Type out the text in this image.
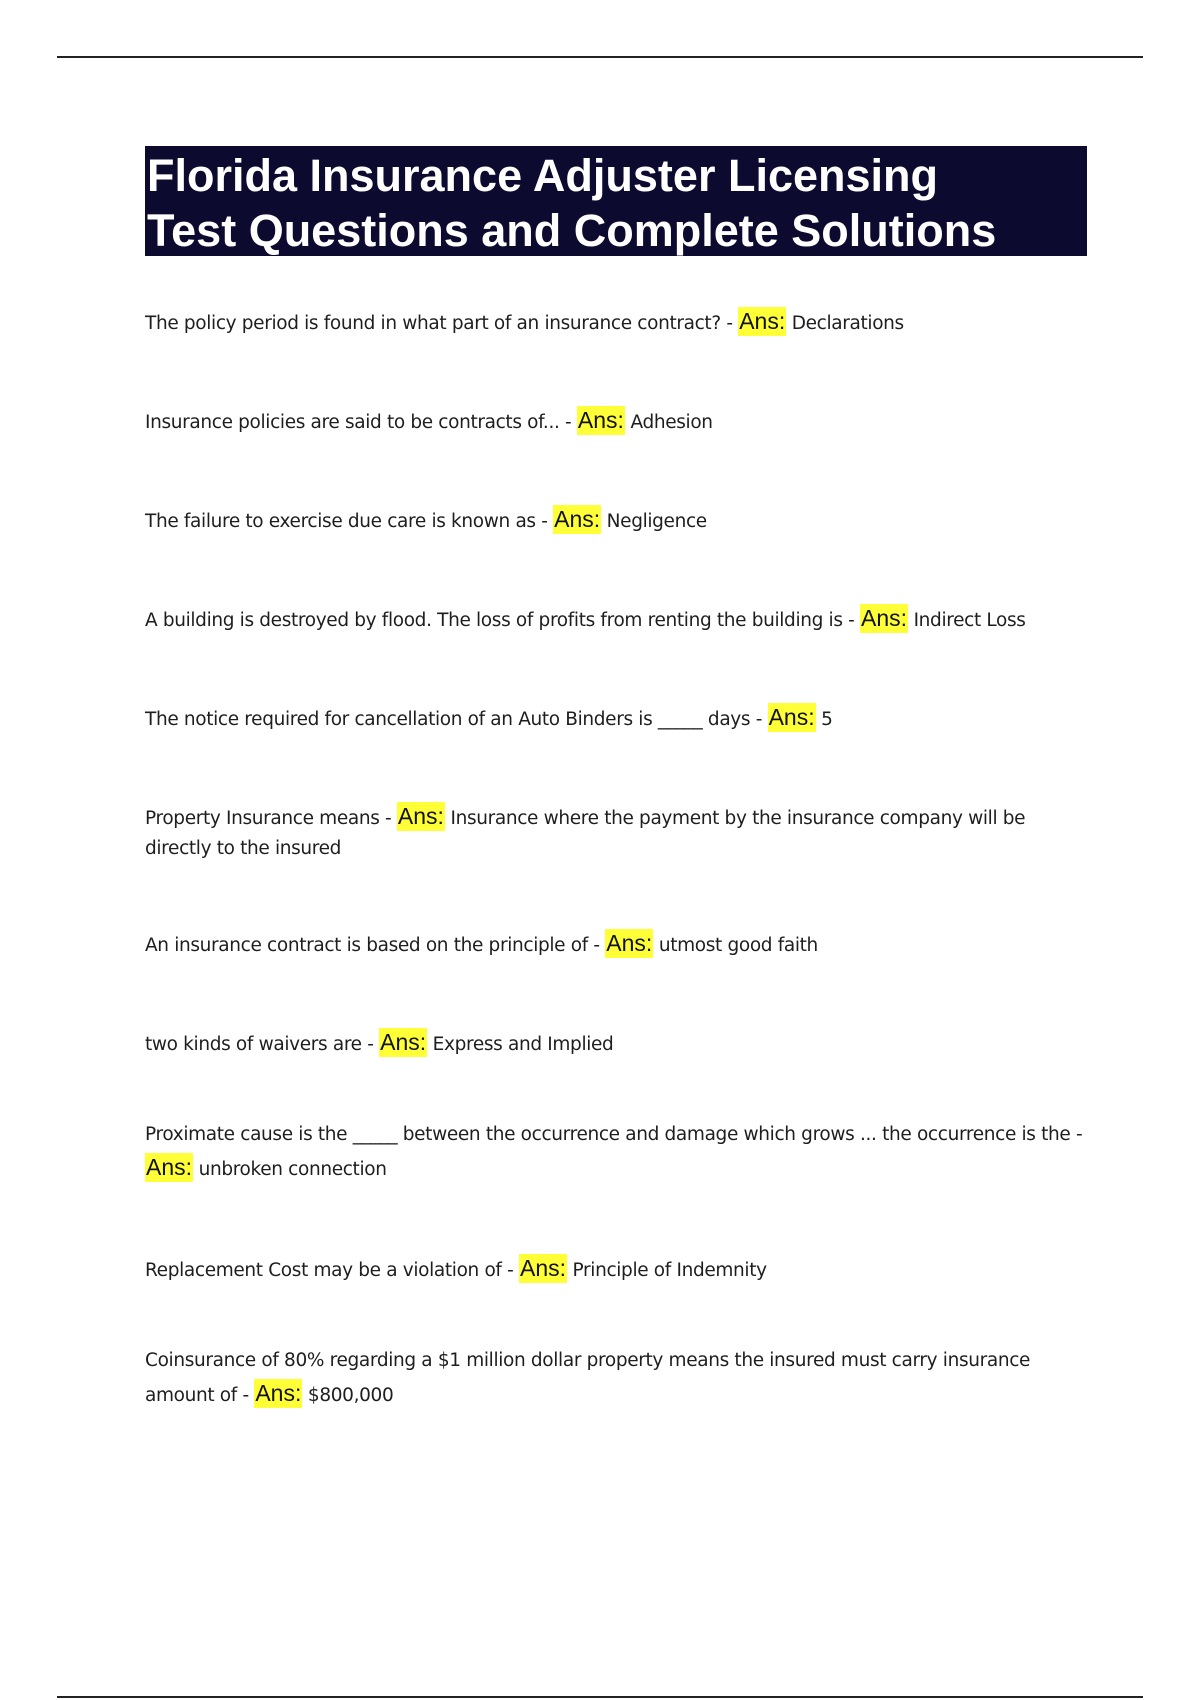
Florida Insurance Adjuster Licensing
Test Questions and Complete Solutions
The policy period is found in what part of an insurance contract? - Ans: Declarations
Insurance policies are said to be contracts of... - Ans: Adhesion
The failure to exercise due care is known as - Ans: Negligence
A building is destroyed by flood. The loss of profits from renting the building is - Ans: Indirect Loss
The notice required for cancellation of an Auto Binders is _____ days - Ans: 5
Property Insurance means - Ans: Insurance where the payment by the insurance company will be directly to the insured
An insurance contract is based on the principle of - Ans: utmost good faith
two kinds of waivers are - Ans: Express and Implied
Proximate cause is the _____ between the occurrence and damage which grows ... the occurrence is the - Ans: unbroken connection
Replacement Cost may be a violation of - Ans: Principle of Indemnity
Coinsurance of 80% regarding a $1 million dollar property means the insured must carry insurance amount of - Ans: $800,000
